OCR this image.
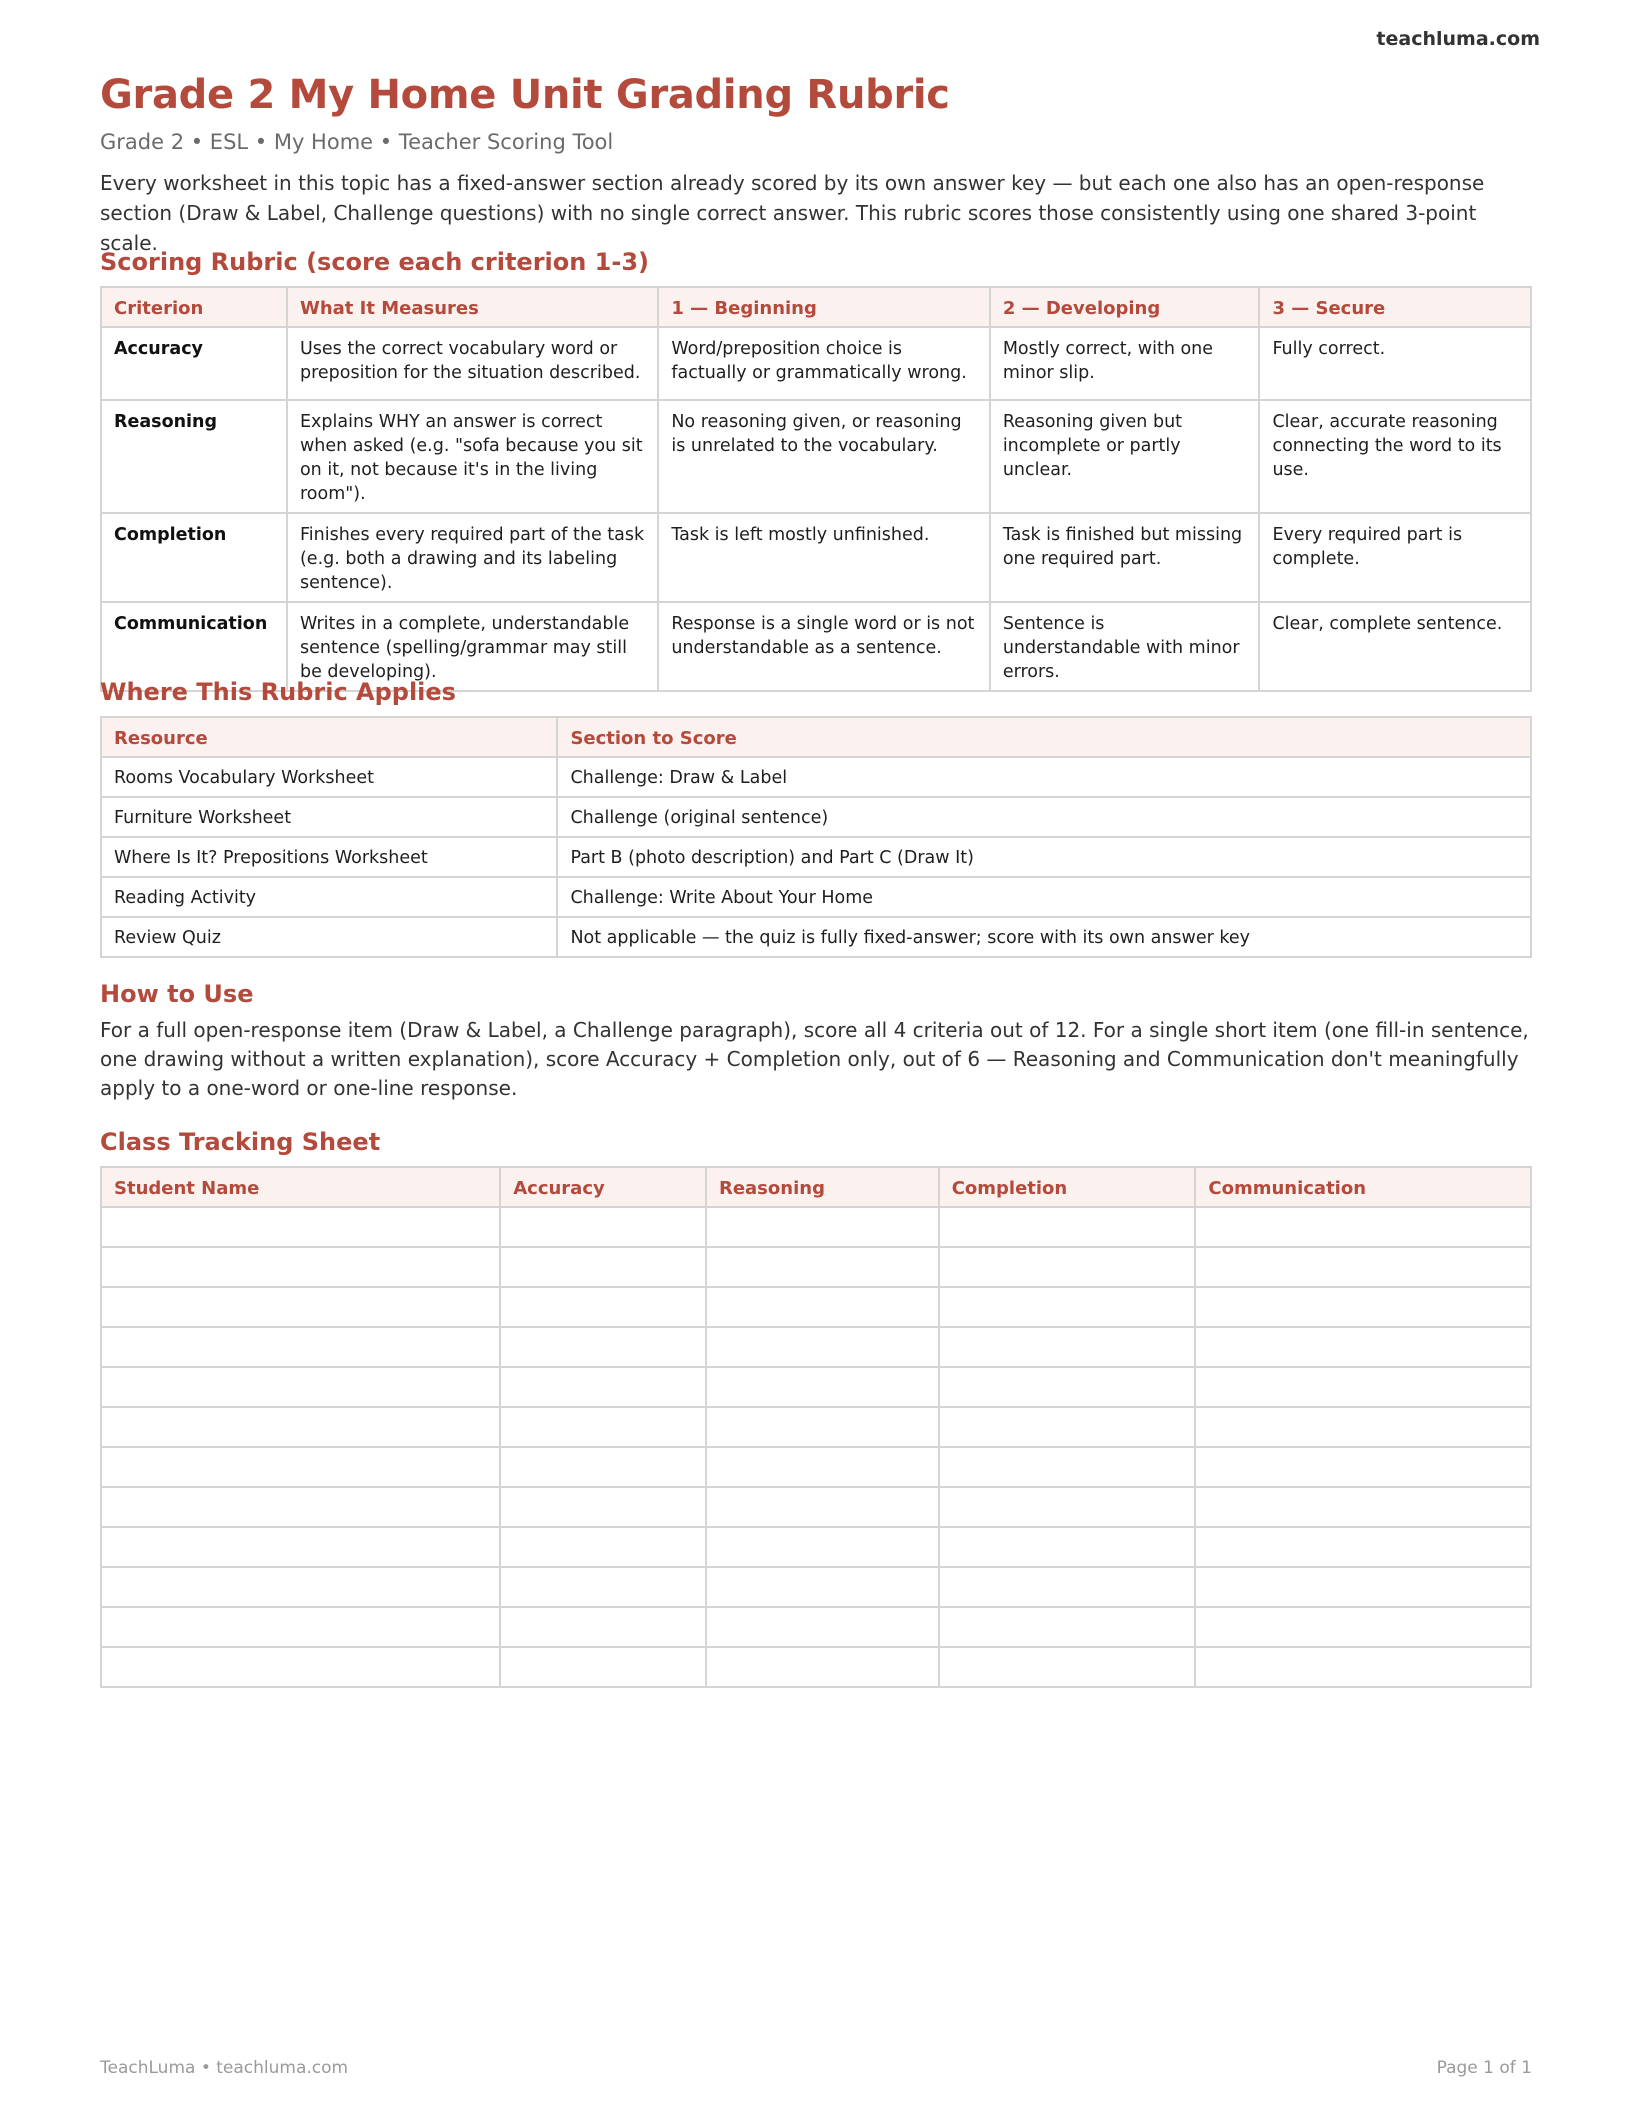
teachluma.com
Grade 2 My Home Unit Grading Rubric
Grade 2 • ESL • My Home • Teacher Scoring Tool
Every worksheet in this topic has a fixed-answer section already scored by its own answer key — but each one also has an open-response section (Draw & Label, Challenge questions) with no single correct answer. This rubric scores those consistently using one shared 3-point scale.
Scoring Rubric (score each criterion 1-3)
Criterion	What It Measures	1 — Beginning	2 — Developing	3 — Secure
Accuracy	Uses the correct vocabulary word or preposition for the situation described.	Word/preposition choice is factually or grammatically wrong.	Mostly correct, with one minor slip.	Fully correct.
Reasoning	Explains WHY an answer is correct when asked (e.g. "sofa because you sit on it, not because it's in the living room").	No reasoning given, or reasoning is unrelated to the vocabulary.	Reasoning given but incomplete or partly unclear.	Clear, accurate reasoning connecting the word to its use.
Completion	Finishes every required part of the task (e.g. both a drawing and its labeling sentence).	Task is left mostly unfinished.	Task is finished but missing one required part.	Every required part is complete.
Communication	Writes in a complete, understandable sentence (spelling/grammar may still be developing).	Response is a single word or is not understandable as a sentence.	Sentence is understandable with minor errors.	Clear, complete sentence.
Where This Rubric Applies
Resource	Section to Score
Rooms Vocabulary Worksheet	Challenge: Draw & Label
Furniture Worksheet	Challenge (original sentence)
Where Is It? Prepositions Worksheet	Part B (photo description) and Part C (Draw It)
Reading Activity	Challenge: Write About Your Home
Review Quiz	Not applicable — the quiz is fully fixed-answer; score with its own answer key
How to Use
For a full open-response item (Draw & Label, a Challenge paragraph), score all 4 criteria out of 12. For a single short item (one fill-in sentence, one drawing without a written explanation), score Accuracy + Completion only, out of 6 — Reasoning and Communication don't meaningfully apply to a one-word or one-line response.
Class Tracking Sheet
Student Name	Accuracy	Reasoning	Completion	Communication

TeachLuma • teachluma.com	Page 1 of 1
